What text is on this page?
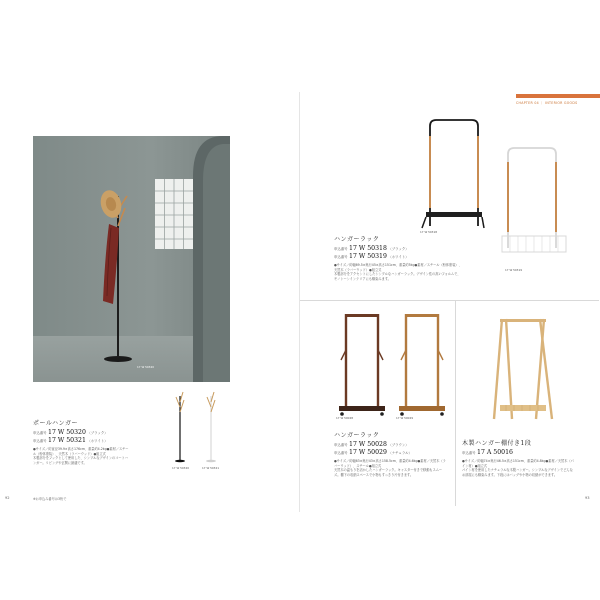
17 W 50320
ポールハンガー
申込番号 17 W 50320 （ブラック）
申込番号 17 W 50321 （ホワイト）
●サイズ／約直径39.9×高さ176cm、重量約4.2kg●素材／スチール（粉体塗装）、天然木（ラバーウッド）●組立式
木製部分をフックとして使用した、シンプルなデザインのコートハンガー。リビングや玄関に最適です。
17 W 50320	17 W 50321
92	※お申込み番号は3桁で
CHAPTER 04 ｜ INTERIOR GOODS
17 W 50318
17 W 50319
ハンガーラック
申込番号 17 W 50318 （ブラック）
申込番号 17 W 50319 （ホワイト）
●サイズ／約幅69.5×奥行45×高さ151cm、重量約5kg●素材／スチール（粉体塗装）、天然木（ラバーウッド）●組立式
木製部分をアクセントにしたシンプルなハンガーラック。デザイン性の高いフォルムで、モノトーンインテリアにも馴染みます。
17 W 50028	17 W 50029
ハンガーラック
申込番号 17 W 50028 （ブラウン）
申込番号 17 W 50029 （ナチュラル）
●サイズ／約幅63×奥行43×高さ158.5cm、重量約4.6kg●素材／天然木（ラバーウッド）、スチール●組立式
天然木の温もりを活かしたハンガーラック。キャスター付きで移動もスムーズ。棚下の収納スペースで小物もすっきり片付きます。
木製ハンガー棚付き1段
申込番号 17 A 50016
●サイズ／約幅74×奥行46.5×高さ151cm、重量約4.8kg●素材／天然木（パイン材）●組立式
パイン材を使用したナチュラルな木製ハンガー。シンプルなデザインでどんなお部屋にも馴染みます。下段にはバッグや小物の収納ができます。
93
